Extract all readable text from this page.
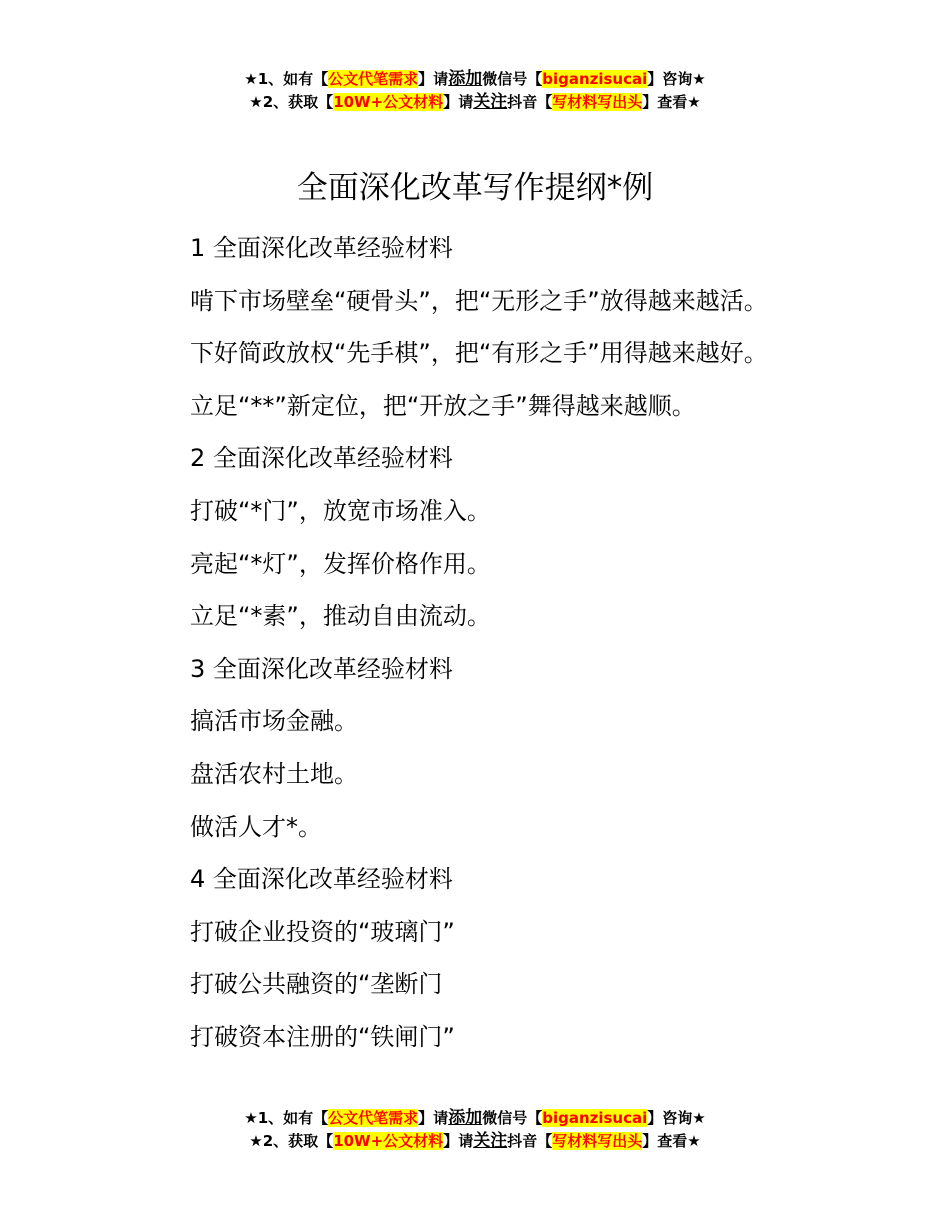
★1、如有【公文代笔需求】请添加微信号【biganzisucai】咨询★
★2、获取【10W+公文材料】请关注抖音【写材料写出头】查看★
全面深化改革写作提纲*例

1 全面深化改革经验材料

啃下市场壁垒“硬骨头”，把“无形之手”放得越来越活。

下好简政放权“先手棋”，把“有形之手”用得越来越好。

立足“**”新定位，把“开放之手”舞得越来越顺。

2 全面深化改革经验材料

打破“*门”，放宽市场准入。

亮起“*灯”，发挥价格作用。

立足“*素”，推动自由流动。

3 全面深化改革经验材料

搞活市场金融。

盘活农村土地。

做活人才*。

4 全面深化改革经验材料

打破企业投资的“玻璃门”

打破公共融资的“垄断门

打破资本注册的“铁闸门”

★1、如有【公文代笔需求】请添加微信号【biganzisucai】咨询★
★2、获取【10W+公文材料】请关注抖音【写材料写出头】查看★
